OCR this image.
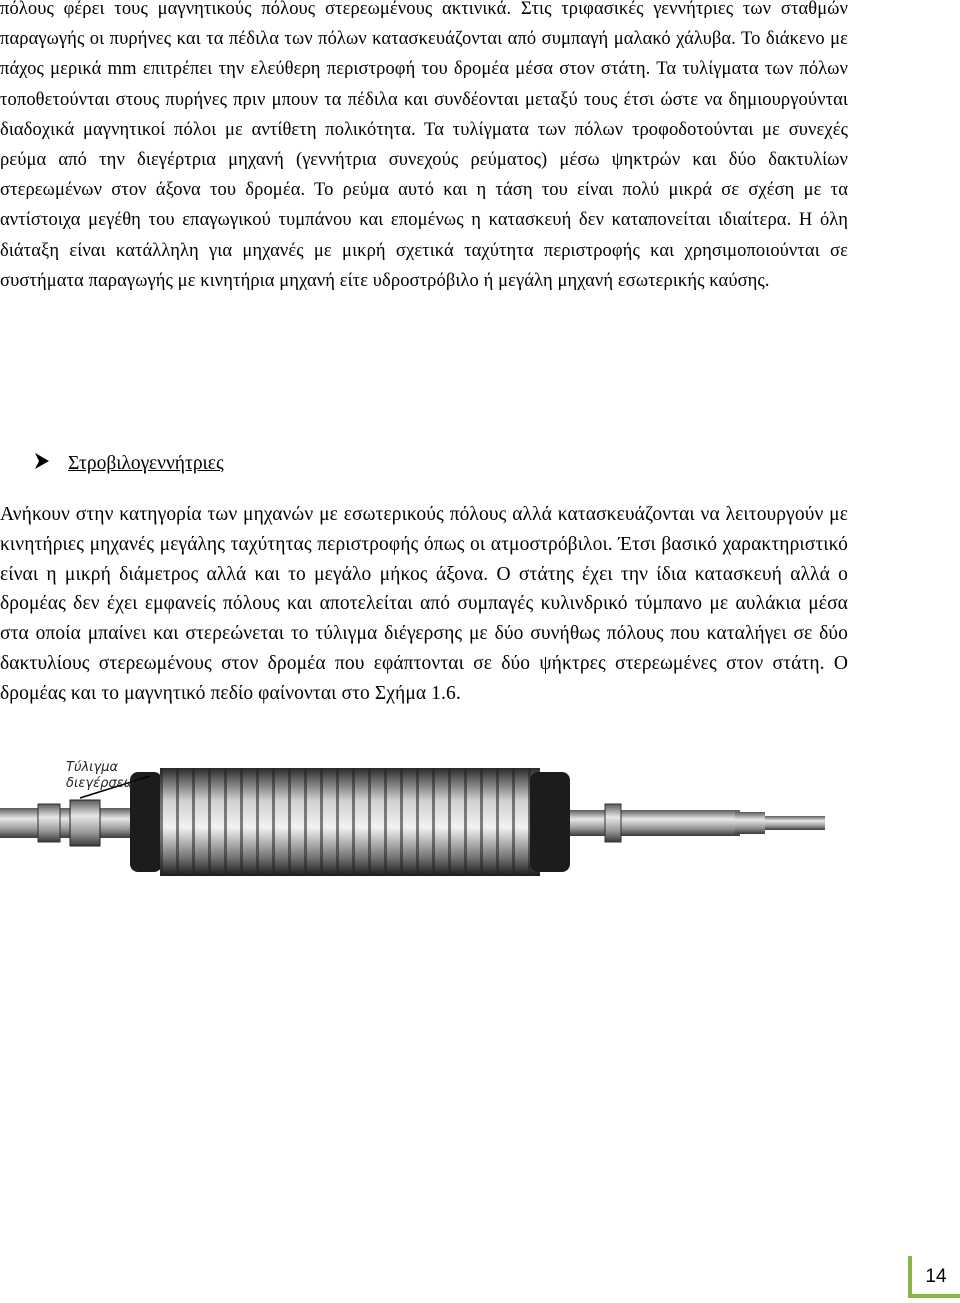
πόλους φέρει τους μαγνητικούς πόλους στερεωμένους ακτινικά. Στις τριφασικές γεννήτριες των σταθμών παραγωγής οι πυρήνες και τα πέδιλα των πόλων κατασκευάζονται από συμπαγή μαλακό χάλυβα. Το διάκενο με πάχος μερικά mm επιτρέπει την ελεύθερη περιστροφή του δρομέα μέσα στον στάτη. Τα τυλίγματα των πόλων τοποθετούνται στους πυρήνες πριν μπουν τα πέδιλα και συνδέονται μεταξύ τους έτσι ώστε να δημιουργούνται διαδοχικά μαγνητικοί πόλοι με αντίθετη πολικότητα. Τα τυλίγματα των πόλων τροφοδοτούνται με συνεχές ρεύμα από την διεγέρτρια μηχανή (γεννήτρια συνεχούς ρεύματος) μέσω ψηκτρών και δύο δακτυλίων στερεωμένων στον άξονα του δρομέα. Το ρεύμα αυτό και η τάση του είναι πολύ μικρά σε σχέση με τα αντίστοιχα μεγέθη του επαγωγικού τυμπάνου και επομένως η κατασκευή δεν καταπονείται ιδιαίτερα. Η όλη διάταξη είναι κατάλληλη για μηχανές με μικρή σχετικά ταχύτητα περιστροφής και χρησιμοποιούνται σε συστήματα παραγωγής με κινητήρια μηχανή είτε υδροστρόβιλο ή μεγάλη μηχανή εσωτερικής καύσης.

Στροβιλογεννήτριες

Ανήκουν στην κατηγορία των μηχανών με εσωτερικούς πόλους αλλά κατασκευάζονται να λειτουργούν με κινητήριες μηχανές μεγάλης ταχύτητας περιστροφής όπως οι ατμοστρόβιλοι. Έτσι βασικό χαρακτηριστικό είναι η μικρή διάμετρος αλλά και το μεγάλο μήκος άξονα. Ο στάτης έχει την ίδια κατασκευή αλλά ο δρομέας δεν έχει εμφανείς πόλους και αποτελείται από συμπαγές κυλινδρικό τύμπανο με αυλάκια μέσα στα οποία μπαίνει και στερεώνεται το τύλιγμα διέγερσης με δύο συνήθως πόλους που καταλήγει σε δύο δακτυλίους στερεωμένους στον δρομέα που εφάπτονται σε δύο ψήκτρες στερεωμένες στον στάτη. Ο δρομέας και το μαγνητικό πεδίο φαίνονται στο Σχήμα 1.6.

Τύλιγμα
διεγέρσεως

14
